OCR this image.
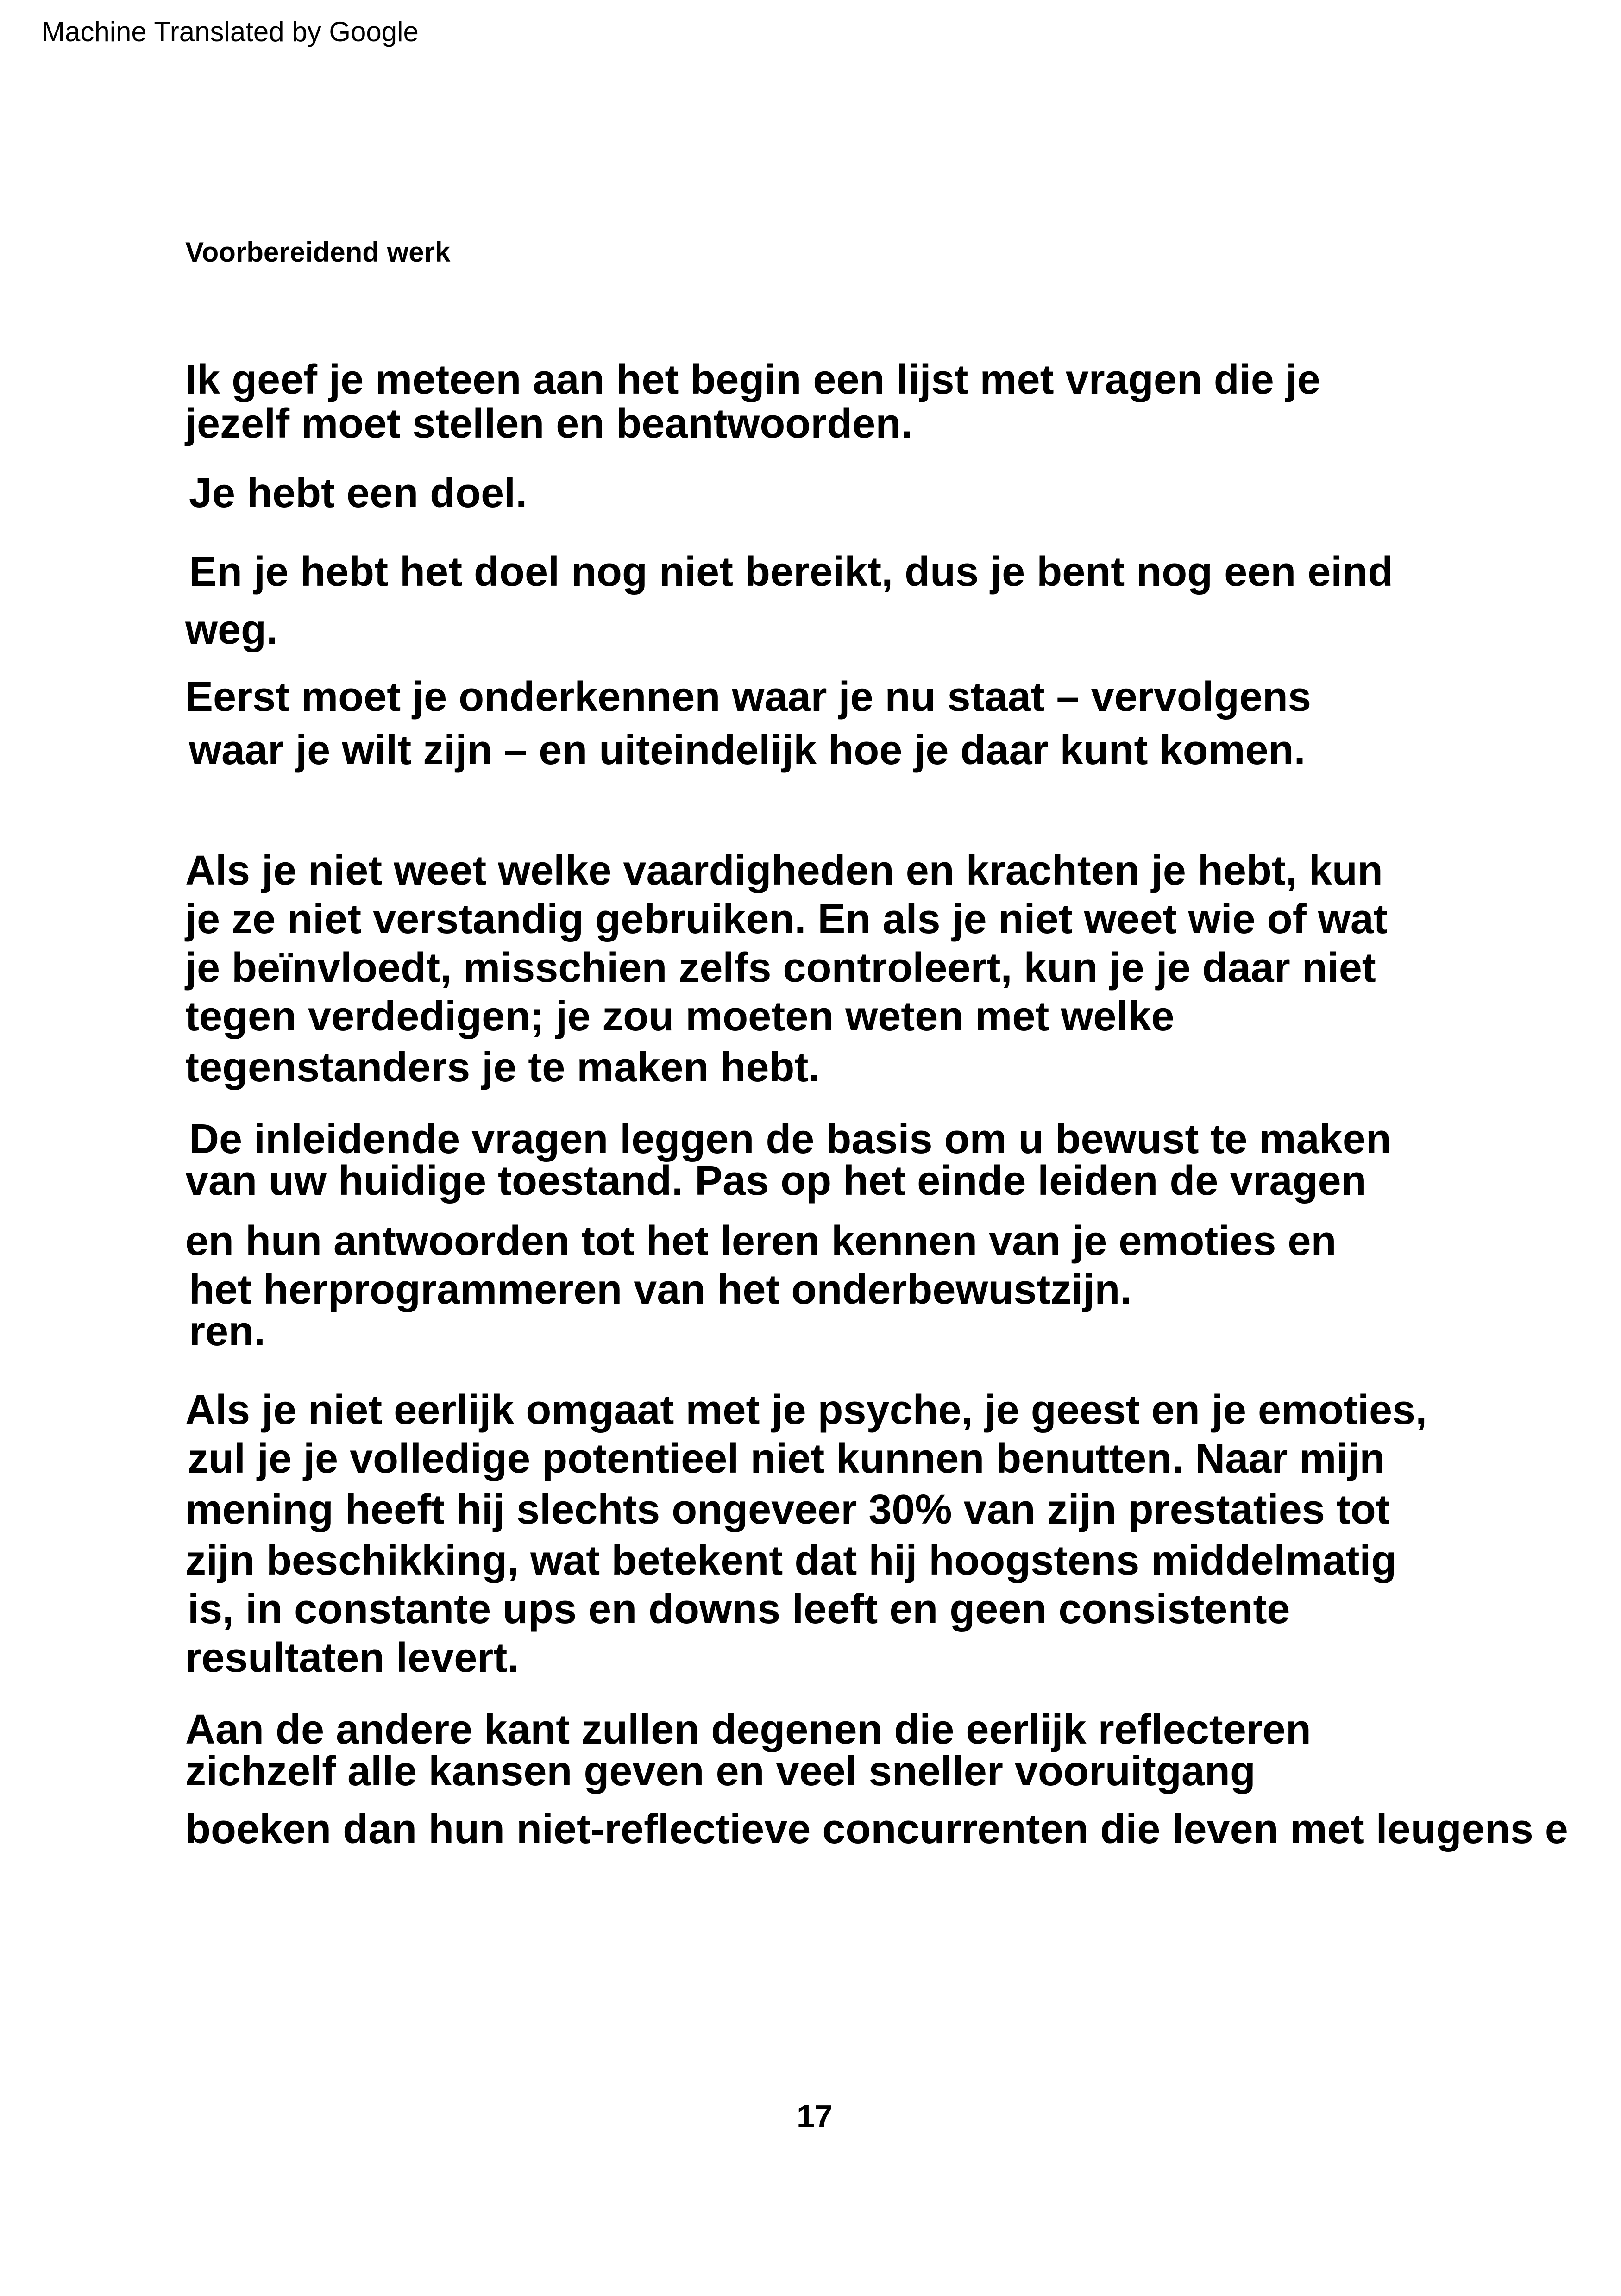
Machine Translated by Google
Voorbereidend werk
Ik geef je meteen aan het begin een lijst met vragen die je
jezelf moet stellen en beantwoorden.
Je hebt een doel.
En je hebt het doel nog niet bereikt, dus je bent nog een eind
weg.
Eerst moet je onderkennen waar je nu staat – vervolgens
waar je wilt zijn – en uiteindelijk hoe je daar kunt komen.
Als je niet weet welke vaardigheden en krachten je hebt, kun
je ze niet verstandig gebruiken. En als je niet weet wie of wat
je beïnvloedt, misschien zelfs controleert, kun je je daar niet
tegen verdedigen; je zou moeten weten met welke
tegenstanders je te maken hebt.
De inleidende vragen leggen de basis om u bewust te maken
van uw huidige toestand. Pas op het einde leiden de vragen
en hun antwoorden tot het leren kennen van je emoties en
het herprogrammeren van het onderbewustzijn.
ren.
Als je niet eerlijk omgaat met je psyche, je geest en je emoties,
zul je je volledige potentieel niet kunnen benutten. Naar mijn
mening heeft hij slechts ongeveer 30% van zijn prestaties tot
zijn beschikking, wat betekent dat hij hoogstens middelmatig
is, in constante ups en downs leeft en geen consistente
resultaten levert.
Aan de andere kant zullen degenen die eerlijk reflecteren
zichzelf alle kansen geven en veel sneller vooruitgang
boeken dan hun niet-reflectieve concurrenten die leven met leugens e
17
